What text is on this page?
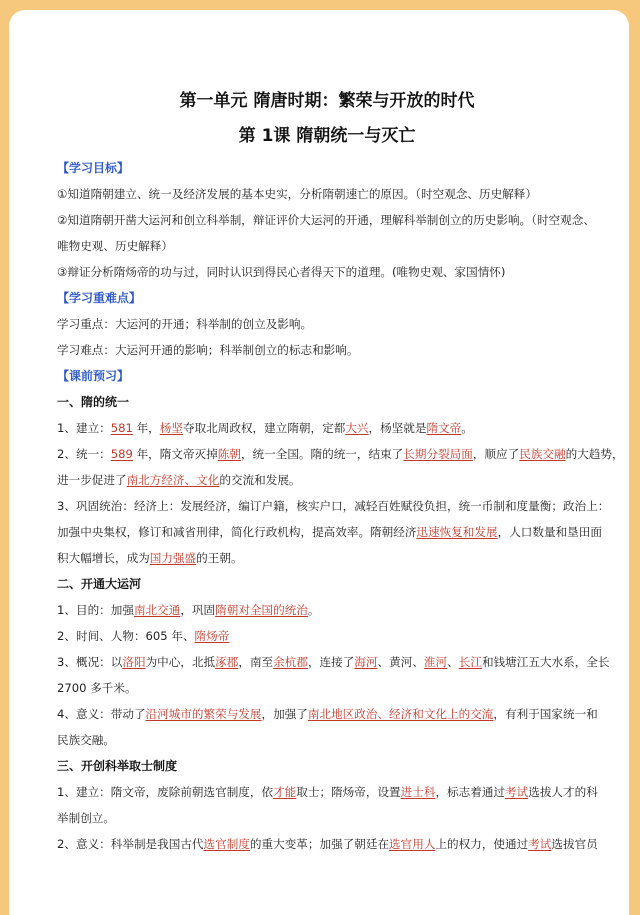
第一单元 隋唐时期：繁荣与开放的时代
第 1课 隋朝统一与灭亡
【学习目标】
①知道隋朝建立、统一及经济发展的基本史实，分析隋朝速亡的原因。（时空观念、历史解释）
②知道隋朝开凿大运河和创立科举制，辩证评价大运河的开通，理解科举制创立的历史影响。（时空观念、
唯物史观、历史解释）
③辩证分析隋炀帝的功与过，同时认识到得民心者得天下的道理。(唯物史观、家国情怀)
【学习重难点】
学习重点：大运河的开通；科举制的创立及影响。
学习难点：大运河开通的影响；科举制创立的标志和影响。
【课前预习】
一、隋的统一
1、建立：581 年，杨坚夺取北周政权，建立隋朝，定都大兴，杨坚就是隋文帝。
2、统一：589 年，隋文帝灭掉陈朝，统一全国。隋的统一，结束了长期分裂局面，顺应了民族交融的大趋势，
进一步促进了南北方经济、文化的交流和发展。
3、巩固统治：经济上：发展经济，编订户籍，核实户口，减轻百姓赋役负担，统一币制和度量衡；政治上：
加强中央集权，修订和减省刑律，简化行政机构，提高效率。隋朝经济迅速恢复和发展，人口数量和垦田面
积大幅增长，成为国力强盛的王朝。
二、开通大运河
1、目的：加强南北交通，巩固隋朝对全国的统治。
2、时间、人物：605 年、隋炀帝
3、概况：以洛阳为中心，北抵涿郡，南至余杭郡，连接了海河、黄河、淮河、长江和钱塘江五大水系，全长
2700 多千米。
4、意义：带动了沿河城市的繁荣与发展，加强了南北地区政治、经济和文化上的交流，有利于国家统一和
民族交融。
三、开创科举取士制度
1、建立：隋文帝，废除前朝选官制度，依才能取士；隋炀帝，设置进士科，标志着通过考试选拔人才的科
举制创立。
2、意义：科举制是我国古代选官制度的重大变革；加强了朝廷在选官用人上的权力，使通过考试选拔官员
